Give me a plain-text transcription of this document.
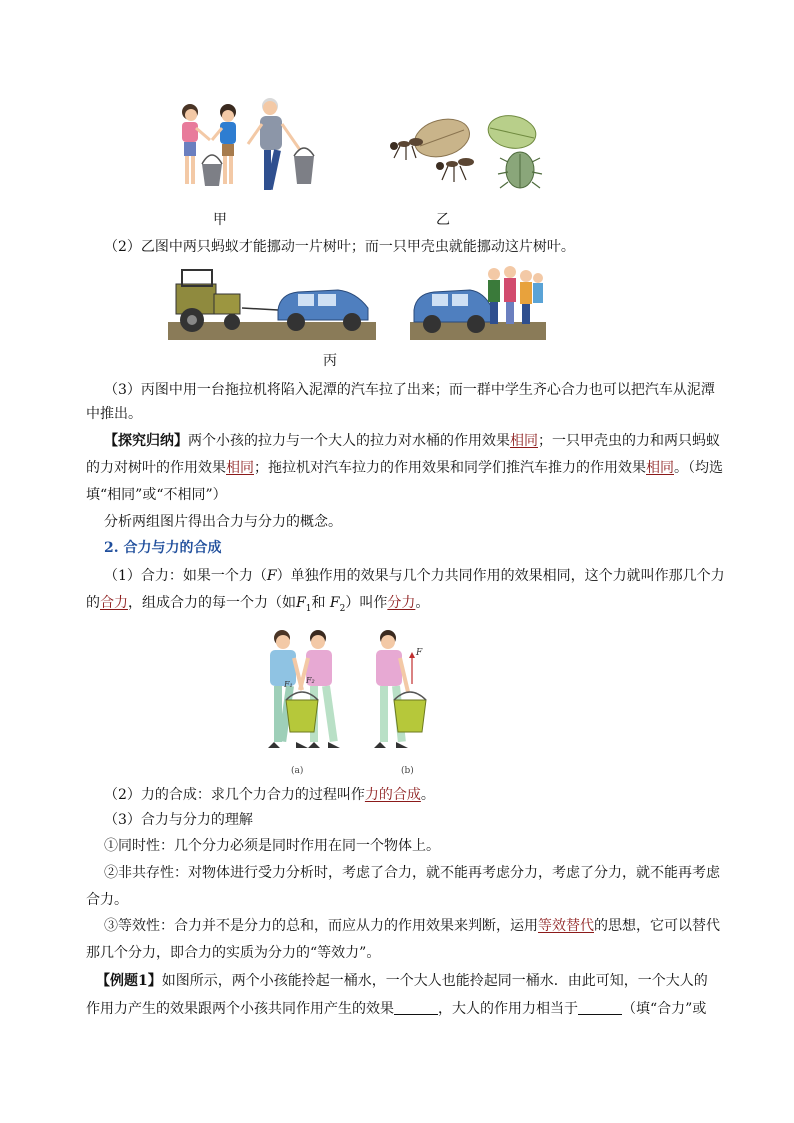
甲	乙
（2）乙图中两只蚂蚁才能挪动一片树叶；而一只甲壳虫就能挪动这片树叶。
丙
（3）丙图中用一台拖拉机将陷入泥潭的汽车拉了出来；而一群中学生齐心合力也可以把汽车从泥潭
中推出。
【探究归纳】两个小孩的拉力与一个大人的拉力对水桶的作用效果相同；一只甲壳虫的力和两只蚂蚁
的力对树叶的作用效果相同；拖拉机对汽车拉力的作用效果和同学们推汽车推力的作用效果相同。（均选
填“相同”或“不相同”）
分析两组图片得出合力与分力的概念。
2. 合力与力的合成
（1）合力：如果一个力（F）单独作用的效果与几个力共同作用的效果相同，这个力就叫作那几个力
的合力，组成合力的每一个力（如$F_1$和 $F_2$）叫作分力。
F₁ F₂
F
(a)	(b)
（2）力的合成：求几个力合力的过程叫作力的合成。
（3）合力与分力的理解
①同时性：几个分力必须是同时作用在同一个物体上。
②非共存性：对物体进行受力分析时，考虑了合力，就不能再考虑分力，考虑了分力，就不能再考虑
合力。
③等效性：合力并不是分力的总和，而应从力的作用效果来判断，运用等效替代的思想，它可以替代
那几个分力，即合力的实质为分力的“等效力”。
【例题1】如图所示，两个小孩能拎起一桶水，一个大人也能拎起同一桶水．由此可知，一个大人的
作用力产生的效果跟两个小孩共同作用产生的效果	，大人的作用力相当于	（填“合力”或
